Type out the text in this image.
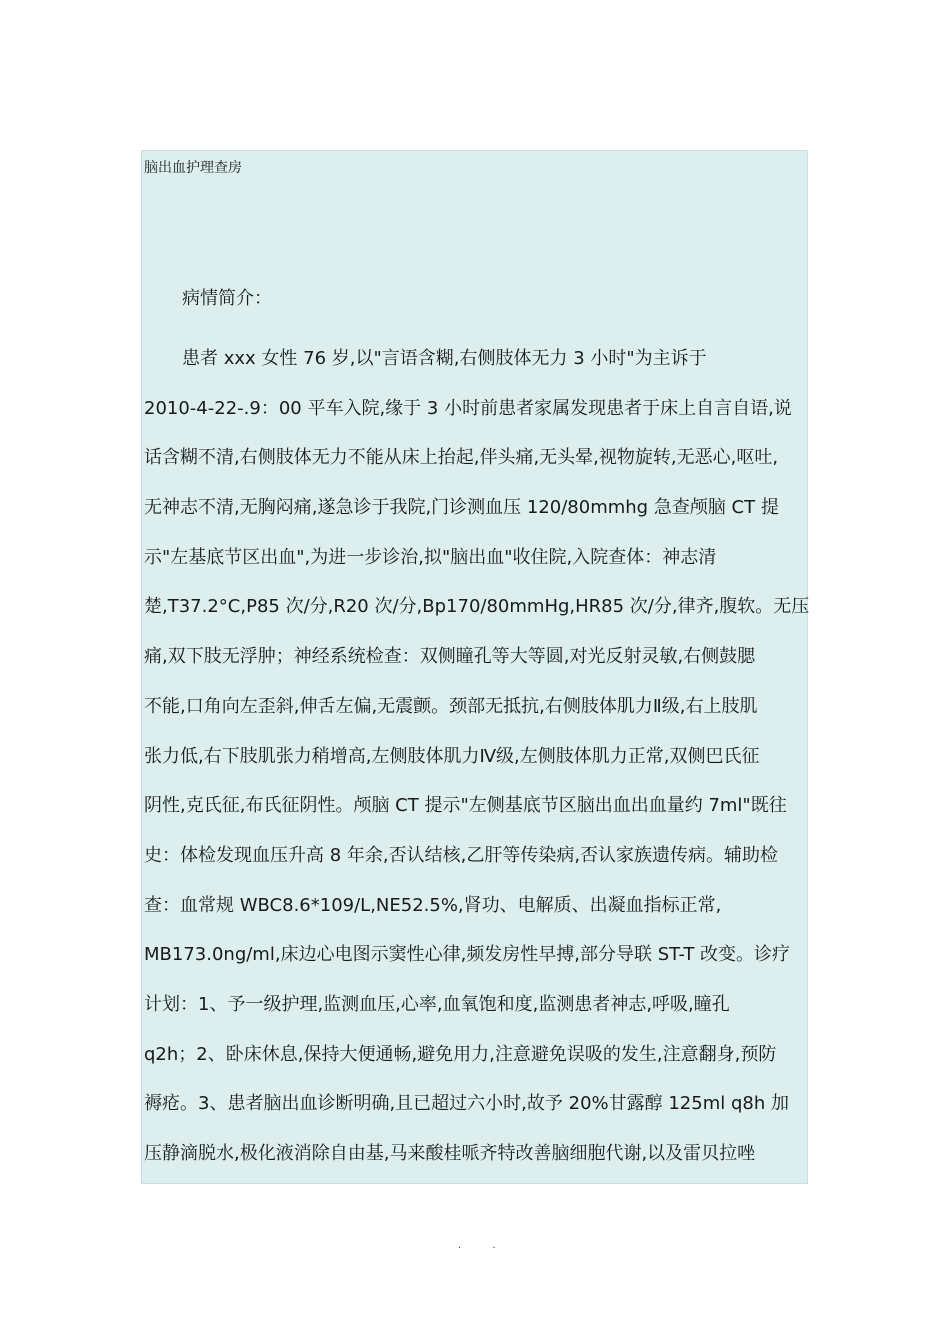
脑出血护理查房
病情简介：
患者 xxx 女性 76 岁,以"言语含糊,右侧肢体无力 3 小时"为主诉于
2010-4-22-.9：00 平车入院,缘于 3 小时前患者家属发现患者于床上自言自语,说
话含糊不清,右侧肢体无力不能从床上抬起,伴头痛,无头晕,视物旋转,无恶心,呕吐,
无神志不清,无胸闷痛,遂急诊于我院,门诊测血压 120/80mmhg 急查颅脑 CT 提
示"左基底节区出血",为进一步诊治,拟"脑出血"收住院,入院查体：神志清
楚,T37.2°C,P85 次/分,R20 次/分,Bp170/80mmHg,HR85 次/分,律齐,腹软。无压
痛,双下肢无浮肿；神经系统检查：双侧瞳孔等大等圆,对光反射灵敏,右侧鼓腮
不能,口角向左歪斜,伸舌左偏,无震颤。颈部无抵抗,右侧肢体肌力Ⅱ级,右上肢肌
张力低,右下肢肌张力稍增高,左侧肢体肌力Ⅳ级,左侧肢体肌力正常,双侧巴氏征
阴性,克氏征,布氏征阴性。颅脑 CT 提示"左侧基底节区脑出血出血量约 7ml"既往
史：体检发现血压升高 8 年余,否认结核,乙肝等传染病,否认家族遗传病。辅助检
查：血常规 WBC8.6*109/L,NE52.5%,肾功、电解质、出凝血指标正常,
MB173.0ng/ml,床边心电图示窦性心律,频发房性早搏,部分导联 ST-T 改变。诊疗
计划：1、予一级护理,监测血压,心率,血氧饱和度,监测患者神志,呼吸,瞳孔
q2h；2、卧床休息,保持大便通畅,避免用力,注意避免误吸的发生,注意翻身,预防
褥疮。3、患者脑出血诊断明确,且已超过六小时,故予 20%甘露醇 125ml q8h 加
压静滴脱水,极化液消除自由基,马来酸桂哌齐特改善脑细胞代谢,以及雷贝拉唑
. .
